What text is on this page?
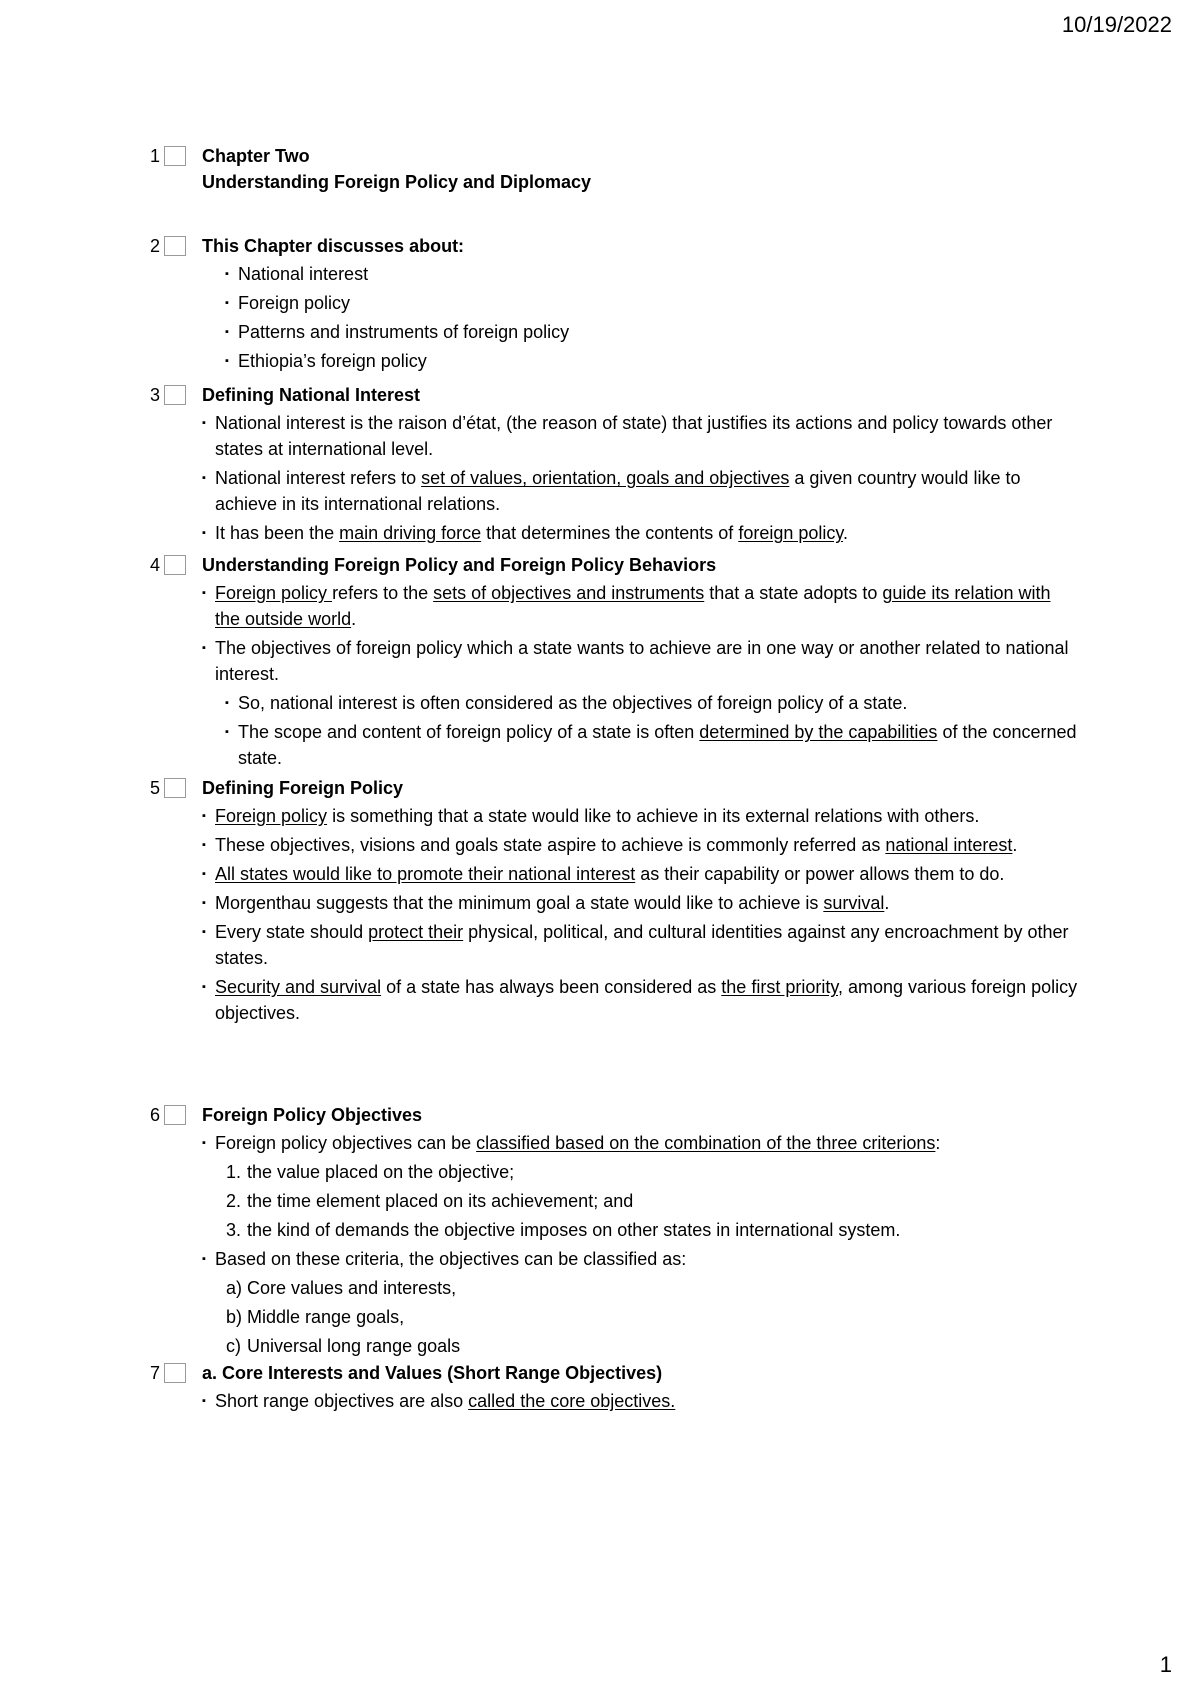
10/19/2022
1 Chapter Two
Understanding Foreign Policy and Diplomacy
2 This Chapter discusses about:
▪ National interest
▪ Foreign policy
▪ Patterns and instruments of foreign policy
▪ Ethiopia’s foreign policy
3 Defining National Interest
▪ National interest is the raison d’état, (the reason of state) that justifies its actions and policy towards other states at international level.
▪ National interest refers to set of values, orientation, goals and objectives a given country would like to achieve in its international relations.
▪ It has been the main driving force that determines the contents of foreign policy.
4 Understanding Foreign Policy and Foreign Policy Behaviors
▪ Foreign policy refers to the sets of objectives and instruments that a state adopts to guide its relation with the outside world.
▪ The objectives of foreign policy which a state wants to achieve are in one way or another related to national interest.
▪ So, national interest is often considered as the objectives of foreign policy of a state.
▪ The scope and content of foreign policy of a state is often determined by the capabilities of the concerned state.
5 Defining Foreign Policy
▪ Foreign policy is something that a state would like to achieve in its external relations with others.
▪ These objectives, visions and goals state aspire to achieve is commonly referred as national interest.
▪ All states would like to promote their national interest as their capability or power allows them to do.
▪ Morgenthau suggests that the minimum goal a state would like to achieve is survival.
▪ Every state should protect their physical, political, and cultural identities against any encroachment by other states.
▪ Security and survival of a state has always been considered as the first priority, among various foreign policy objectives.
6 Foreign Policy Objectives
▪ Foreign policy objectives can be classified based on the combination of the three criterions:
1. the value placed on the objective;
2. the time element placed on its achievement; and
3. the kind of demands the objective imposes on other states in international system.
▪ Based on these criteria, the objectives can be classified as:
a) Core values and interests,
b) Middle range goals,
c) Universal long range goals
7 a. Core Interests and Values (Short Range Objectives)
▪ Short range objectives are also called the core objectives.
1
